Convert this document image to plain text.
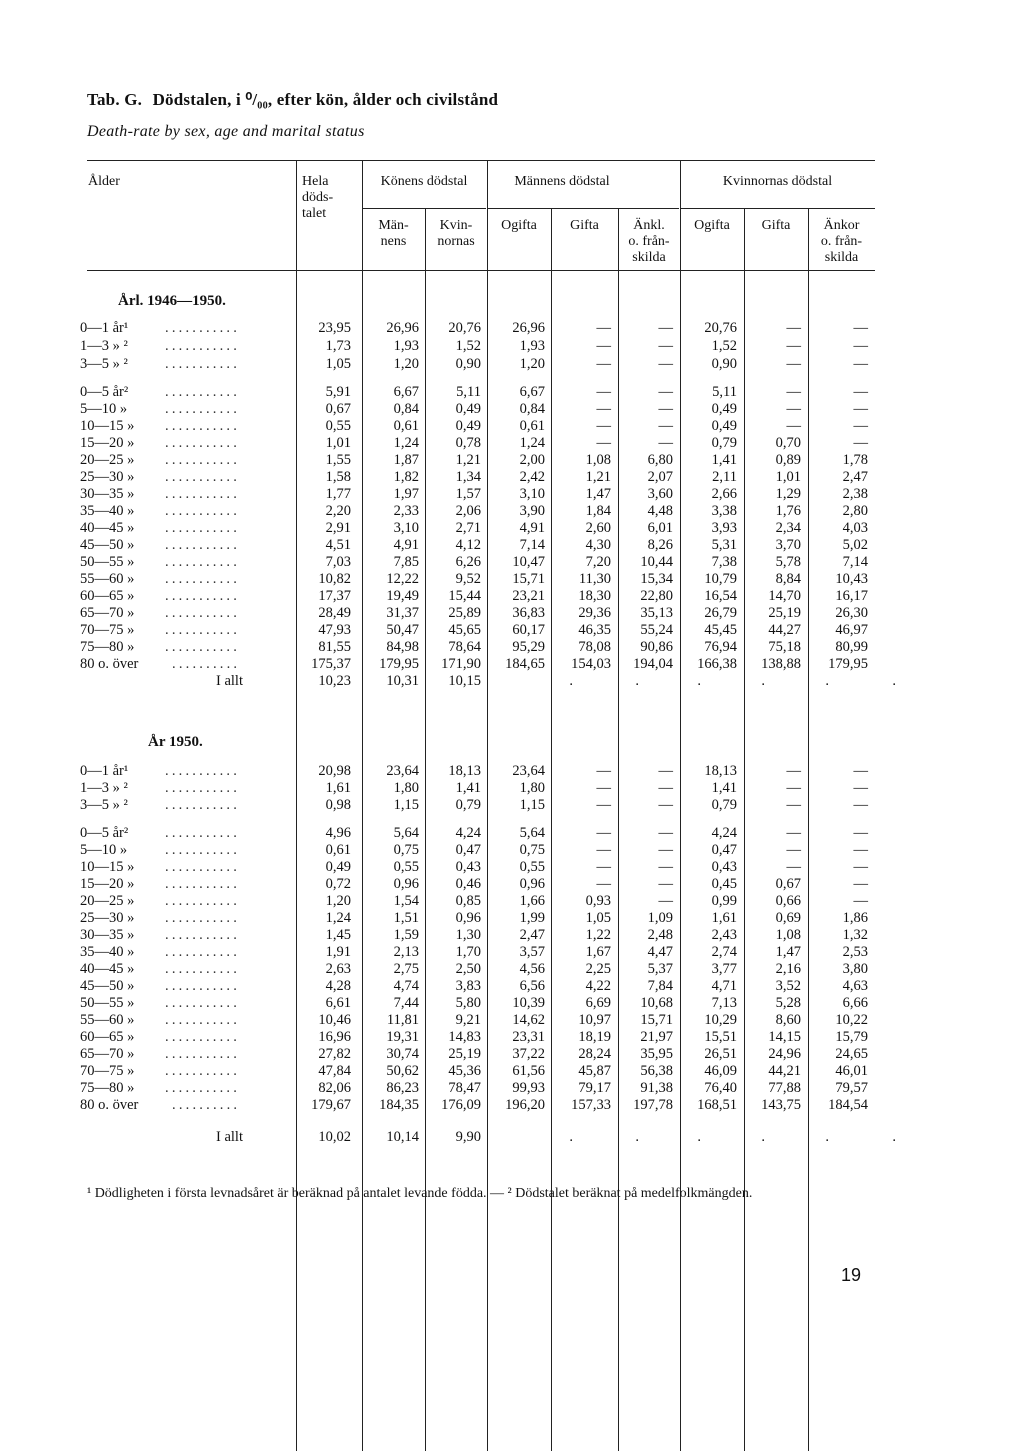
Tab. G. Dödstalen, i ⁰/₀₀, efter kön, ålder och civilstånd
Death-rate by sex, age and marital status
Ålder	Hela
döds-
talet
Könens dödstal	Männens dödstal	Kvinnornas dödstal
Män-
nens
Kvin-
nornas
Ogifta	Gifta	Änkl.
o. från-
skilda
Ogifta	Gifta	Änkor
o. från-
skilda
Årl. 1946—1950.
År 1950.
0—1 år¹	...........	23,95 26,96 20,76 26,96	—	— 20,76	—	—
1—3 » ²	...........	1,73	1,93	1,52	1,93	—	—	1,52	—	—
3—5 » ²	...........	1,05	1,20	0,90	1,20	—	—	0,90	—	—
0—5 år²	...........	5,91	6,67	5,11	6,67	—	—	5,11	—	—
5—10 »	...........	0,67	0,84	0,49	0,84	—	—	0,49	—	—
10—15 » ...........	0,55	0,61	0,49	0,61	—	—	0,49	—	—
15—20 » ...........	1,01	1,24	0,78	1,24	—	—	0,79	0,70	—
20—25 » ...........	1,55	1,87	1,21	2,00	1,08	6,80	1,41	0,89	1,78
25—30 » ...........	1,58	1,82	1,34	2,42	1,21	2,07	2,11	1,01	2,47
30—35 » ...........	1,77	1,97	1,57	3,10	1,47	3,60	2,66	1,29	2,38
35—40 » ...........	2,20	2,33	2,06	3,90	1,84	4,48	3,38	1,76	2,80
40—45 » ...........	2,91	3,10	2,71	4,91	2,60	6,01	3,93	2,34	4,03
45—50 » ...........	4,51	4,91	4,12	7,14	4,30	8,26	5,31	3,70	5,02
50—55 » ...........	7,03	7,85	6,26 10,47	7,20 10,44	7,38	5,78	7,14
55—60 » ...........	10,82 12,22	9,52 15,71 11,30 15,34 10,79	8,84 10,43
60—65 » ...........	17,37 19,49 15,44 23,21 18,30 22,80 16,54 14,70 16,17
65—70 » ...........	28,49 31,37 25,89 36,83 29,36 35,13 26,79 25,19 26,30
70—75 » ...........	47,93 50,47 45,65 60,17 46,35 55,24 45,45 44,27 46,97
75—80 » ...........	81,55 84,98 78,64 95,29 78,08 90,86 76,94 75,18 80,99
80 o. över ..........	175,37 179,95 171,90 184,65 154,03 194,04 166,38 138,88 179,95
I allt	10,23 10,31 10,15	.	.	.	.	.	.
0—1 år¹	...........	20,98 23,64 18,13 23,64	—	— 18,13	—	—
1—3 » ²	...........	1,61	1,80	1,41	1,80	—	—	1,41	—	—
3—5 » ²	...........	0,98	1,15	0,79	1,15	—	—	0,79	—	—
0—5 år²	...........	4,96	5,64	4,24	5,64	—	—	4,24	—	—
5—10 »	...........	0,61	0,75	0,47	0,75	—	—	0,47	—	—
10—15 » ...........	0,49	0,55	0,43	0,55	—	—	0,43	—	—
15—20 » ...........	0,72	0,96	0,46	0,96	—	—	0,45	0,67	—
20—25 » ...........	1,20	1,54	0,85	1,66	0,93	—	0,99	0,66	—
25—30 » ...........	1,24	1,51	0,96	1,99	1,05	1,09	1,61	0,69	1,86
30—35 » ...........	1,45	1,59	1,30	2,47	1,22	2,48	2,43	1,08	1,32
35—40 » ...........	1,91	2,13	1,70	3,57	1,67	4,47	2,74	1,47	2,53
40—45 » ...........	2,63	2,75	2,50	4,56	2,25	5,37	3,77	2,16	3,80
45—50 » ...........	4,28	4,74	3,83	6,56	4,22	7,84	4,71	3,52	4,63
50—55 » ...........	6,61	7,44	5,80 10,39	6,69 10,68	7,13	5,28	6,66
55—60 » ...........	10,46 11,81	9,21 14,62 10,97 15,71 10,29	8,60 10,22
60—65 » ...........	16,96 19,31 14,83 23,31 18,19 21,97 15,51 14,15 15,79
65—70 » ...........	27,82 30,74 25,19 37,22 28,24 35,95 26,51 24,96 24,65
70—75 » ...........	47,84 50,62 45,36 61,56 45,87 56,38 46,09 44,21 46,01
75—80 » ...........	82,06 86,23 78,47 99,93 79,17 91,38 76,40 77,88 79,57
80 o. över ..........	179,67 184,35 176,09 196,20 157,33 197,78 168,51 143,75 184,54
I allt	10,02 10,14	9,90	.	.	.	.	.	.
¹ Dödligheten i första levnadsåret är beräknad på antalet levande födda. — ² Dödstalet beräknat på medelfolkmängden.
19
